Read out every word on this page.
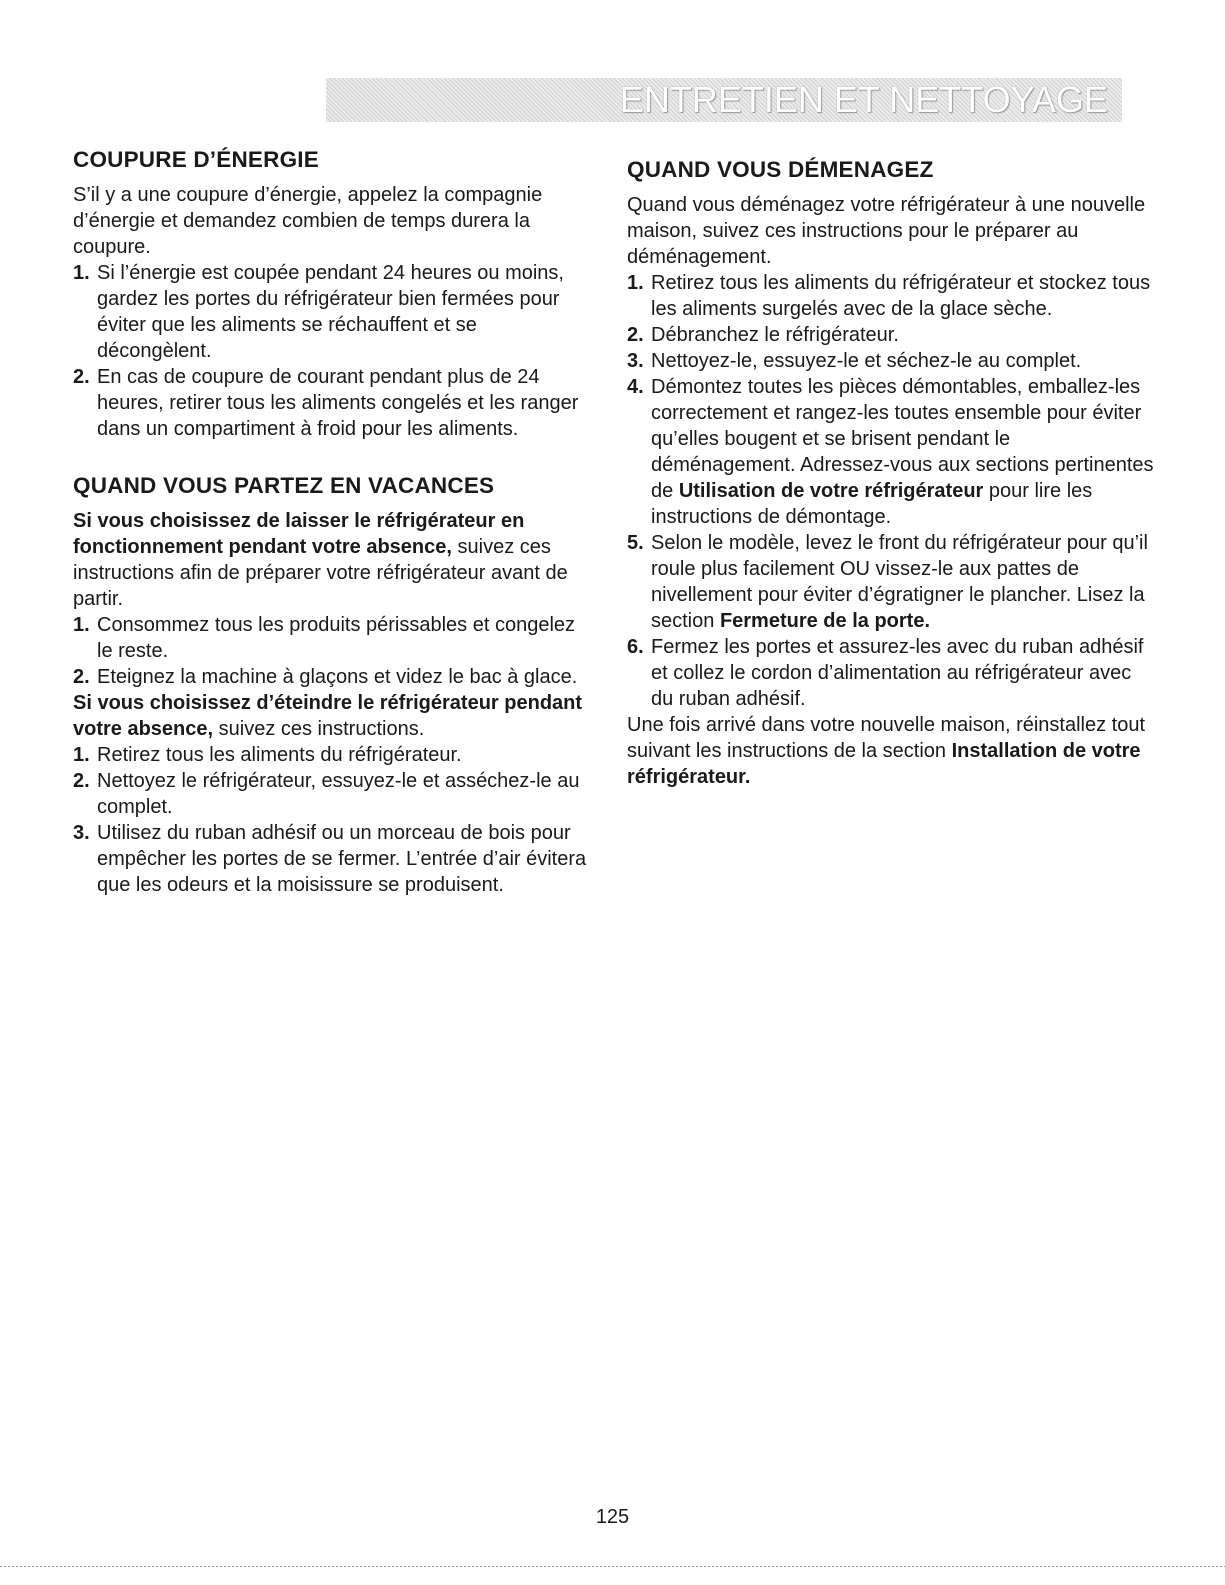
ENTRETIEN ET NETTOYAGE
COUPURE D’ÉNERGIE

S’il y a une coupure d’énergie, appelez la compagnie d’énergie et demandez combien de temps durera la coupure.

1. Si l’énergie est coupée pendant 24 heures ou moins, gardez les portes du réfrigérateur bien fermées pour éviter que les aliments se réchauffent et se décongèlent.
2. En cas de coupure de courant pendant plus de 24 heures, retirer tous les aliments congelés et les ranger dans un compartiment à froid pour les aliments.
QUAND VOUS PARTEZ EN VACANCES

Si vous choisissez de laisser le réfrigérateur en fonctionnement pendant votre absence, suivez ces instructions afin de préparer votre réfrigérateur avant de partir.

1. Consommez tous les produits périssables et congelez le reste.
2. Eteignez la machine à glaçons et videz le bac à glace.

Si vous choisissez d’éteindre le réfrigérateur pendant votre absence, suivez ces instructions.

1. Retirez tous les aliments du réfrigérateur.
2. Nettoyez le réfrigérateur, essuyez-le et asséchez-le au complet.
3. Utilisez du ruban adhésif ou un morceau de bois pour empêcher les portes de se fermer. L’entrée d’air évitera que les odeurs et la moisissure se produisent.
QUAND VOUS DÉMENAGEZ

Quand vous déménagez votre réfrigérateur à une nouvelle maison, suivez ces instructions pour le préparer au déménagement.

1. Retirez tous les aliments du réfrigérateur et stockez tous les aliments surgelés avec de la glace sèche.
2. Débranchez le réfrigérateur.
3. Nettoyez-le, essuyez-le et séchez-le au complet.
4. Démontez toutes les pièces démontables, emballez-les correctement et rangez-les toutes ensemble pour éviter qu’elles bougent et se brisent pendant le déménagement. Adressez-vous aux sections pertinentes de Utilisation de votre réfrigérateur pour lire les instructions de démontage.
5. Selon le modèle, levez le front du réfrigérateur pour qu’il roule plus facilement OU vissez-le aux pattes de nivellement pour éviter d’égratigner le plancher. Lisez la section Fermeture de la porte.
6. Fermez les portes et assurez-les avec du ruban adhésif et collez le cordon d’alimentation au réfrigérateur avec du ruban adhésif.

Une fois arrivé dans votre nouvelle maison, réinstallez tout suivant les instructions de la section Installation de votre réfrigérateur.

125
